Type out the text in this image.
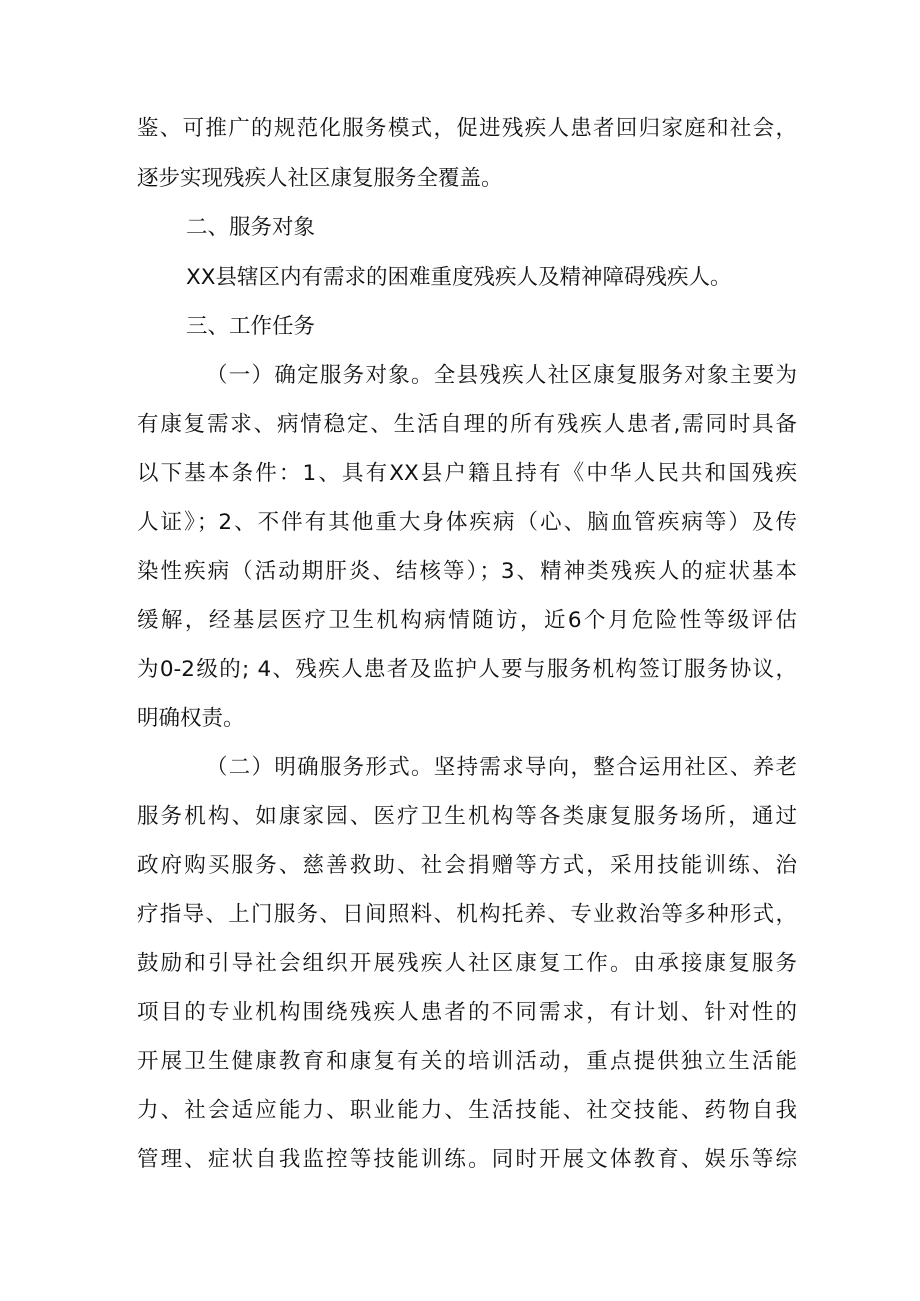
鉴、可推广的规范化服务模式，促进残疾人患者回归家庭和社会，

逐步实现残疾人社区康复服务全覆盖。

二、服务对象

XX县辖区内有需求的困难重度残疾人及精神障碍残疾人。

三、工作任务

（一）确定服务对象。全县残疾人社区康复服务对象主要为

有康复需求、病情稳定、生活自理的所有残疾人患者,需同时具备

以下基本条件：1、具有XX县户籍且持有《中华人民共和国残疾

人证》；2、不伴有其他重大身体疾病（心、脑血管疾病等）及传

染性疾病（活动期肝炎、结核等）；3、精神类残疾人的症状基本

缓解，经基层医疗卫生机构病情随访，近6个月危险性等级评估

为0-2级的; 4、残疾人患者及监护人要与服务机构签订服务协议，

明确权责。

（二）明确服务形式。坚持需求导向，整合运用社区、养老

服务机构、如康家园、医疗卫生机构等各类康复服务场所，通过

政府购买服务、慈善救助、社会捐赠等方式，采用技能训练、治

疗指导、上门服务、日间照料、机构托养、专业救治等多种形式，

鼓励和引导社会组织开展残疾人社区康复工作。由承接康复服务

项目的专业机构围绕残疾人患者的不同需求，有计划、针对性的

开展卫生健康教育和康复有关的培训活动，重点提供独立生活能

力、社会适应能力、职业能力、生活技能、社交技能、药物自我

管理、症状自我监控等技能训练。同时开展文体教育、娱乐等综
